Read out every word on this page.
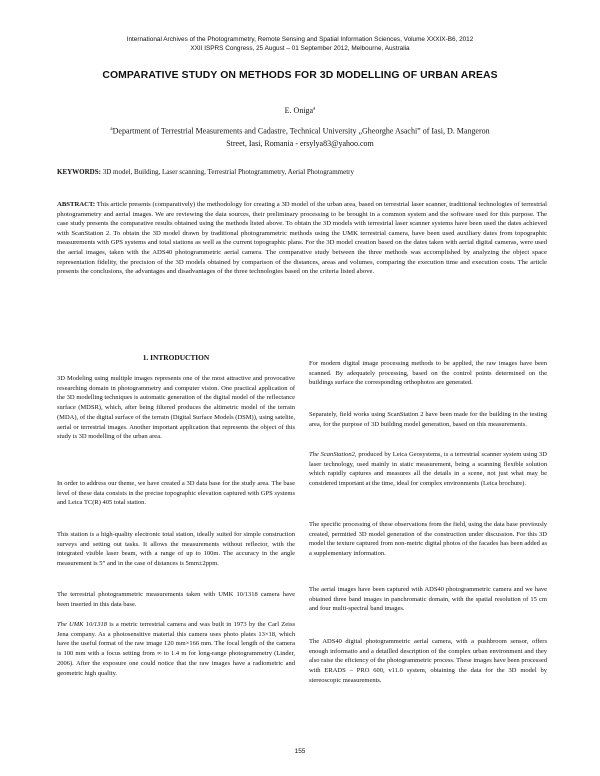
International Archives of the Photogrammetry, Remote Sensing and Spatial Information Sciences, Volume XXXIX-B6, 2012
XXII ISPRS Congress, 25 August – 01 September 2012, Melbourne, Australia
COMPARATIVE STUDY ON METHODS FOR 3D MODELLING OF URBAN AREAS
E. Oniga$^a$
$^a$Department of Terrestrial Measurements and Cadastre, Technical University „Gheorghe Asachi” of Iasi, D. Mangeron
Street, Iasi, Romania - ersylya83@yahoo.com
KEYWORDS: 3D model, Building, Laser scanning, Terrestrial Photogrammetry, Aerial Photogrammetry
ABSTRACT: This article presents (comparatively) the methodology for creating a 3D model of the urban area, based on terrestrial laser scanner, traditional technologies of terrestrial photogrammetry and aerial images. We are reviewing the data sources, their preliminary processing to be brought in a common system and the software used for this purpose. The case study presents the comparative results obtained using the methods listed above. To obtain the 3D models with terrestrial laser scanner systems have been used the dates achieved with ScanStation 2. To obtain the 3D model drawn by traditional photogrammetric methods using the UMK terrestrial camera, have been used auxiliary dates from topographic measurements with GPS systems and total stations as well as the current topographic plans. For the 3D model creation based on the dates taken with aerial digital cameras, were used the aerial images, taken with the ADS40 photogrammetric aerial camera. The comparative study between the three methods was accomplished by analyzing the object space representation fidelity, the precision of the 3D models obtained by comparison of the distances, areas and volumes, comparing the execution time and execution costs. The article presents the conclusions, the advantages and disadvantages of the three technologies based on the criteria listed above.
1. INTRODUCTION

3D Modeling using multiple images represents one of the most attractive and provocative researching domain in photogrammetry and computer vision. One practical application of the 3D modelling techniques is automatic generation of the digital model of the reflectance surface (MDSR), which, after being filtered produces the altimetric model of the terrain (MDA), of the digital surface of the terrain (Digital Surface Models (DSM)), using satelite, aerial or terrestrial images. Another important application that represents the object of this study is 3D modelling of the urban area.

In order to address our theme, we have created a 3D data base for the study area. The base level of these data consists in the precise topographic elevation captured with GPS systems and Leica TC(R) 405 total station.

This station is a high-quality electronic total station, ideally suited for simple construction surveys and setting out tasks. It allows the measurements without reflector, with the integrated visible laser beam, with a range of up to 100m. The accuracy in the angle measurement is 5” and in the case of distances is 5mm±2ppm.

The terrestrial photogrammetric measurements taken with UMK 10/1318 camera have been inserted in this data base.

The UMK 10/1318 is a metric terrestrial camera and was built in 1973 by the Carl Zeiss Jena company. As a photosensitive material this camera uses photo plates 13×18, which have the useful format of the raw image 120 mm×166 mm. The focal length of the camera is 100 mm with a focus setting from ∞ to 1.4 m for long-range photogrammetry (Linder, 2006). After the exposure one could notice that the raw images have a radiometric and geometric high quality.

For modern digital image processing methods to be applied, the raw images have been scanned. By adequately processing, based on the control points determined on the buildings surface the corresponding orthophotos are generated.

Separately, field works using ScanStation 2 have been made for the building in the testing area, for the purpose of 3D building model generation, based on this measurements.

The ScanStation2, produced by Leica Geosystems, is a terrestrial scanner system using 3D laser technology, used mainly in static measurement, being a scanning flexible solution which rapidly captures and measures all the details in a scene, not just what may be considered important at the time, ideal for complex environments (Leica brochure).

The specific processing of these observations from the field, using the data base previously created, permitted 3D model generation of the construction under discussion. For this 3D model the texture captured from non-metric digital photos of the facades has been added as a supplementary information.

The aerial images have been captured with ADS40 photogrammetric camera and we have obtained three band images in panchromatic domain, with the spatial resolution of 15 cm and four multi-spectral band images.

The ADS40 digital photogrammetric aerial camera, with a pushbroom sensor, offers enough informatio and a detailled description of the complex urban environment and they also raise the eficiency of the photogrammetric process. These images have been processed with ERADS – PRO 600, v11.0 system, obtaining the data for the 3D model by stereoscopic measurements.

155
